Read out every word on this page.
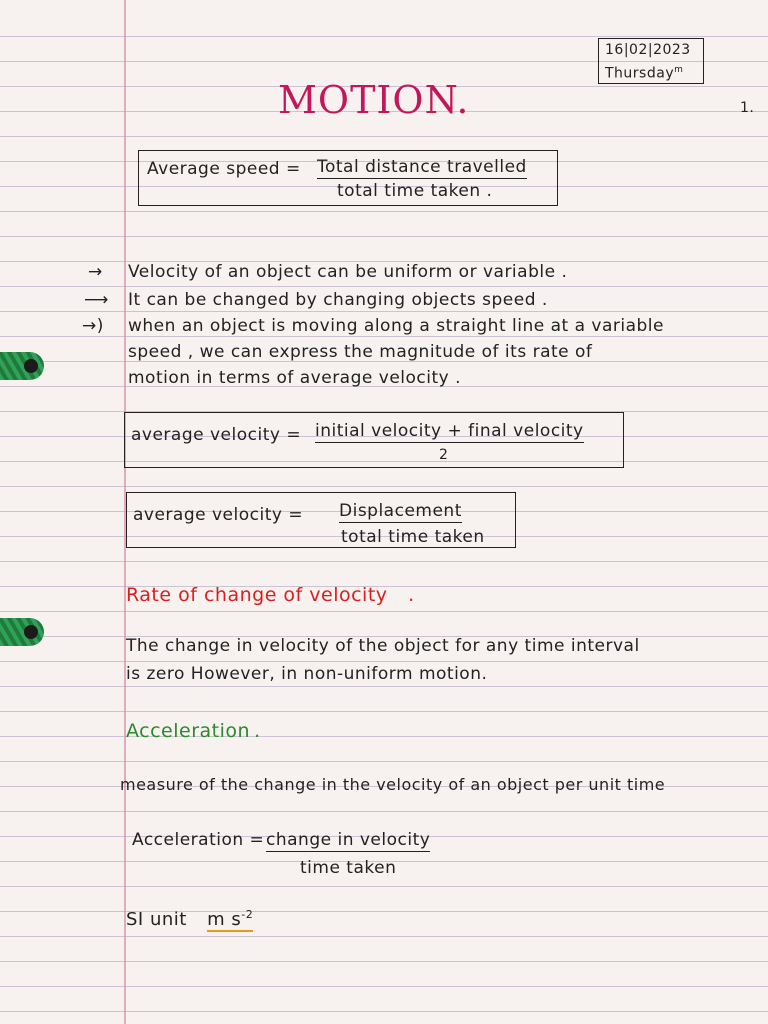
16|02|2023
Thursday$^m$
MOTION.	1.
Average speed = Total distance travelled
total time taken .
→ Velocity of an object can be uniform or variable .
⟶ It can be changed by changing objects speed .
→) when an object is moving along a straight line at a variable
speed , we can express the magnitude of its rate of
motion in terms of average velocity .
average velocity = initial velocity + final velocity
2
average velocity = Displacement
total time taken
Rate of change of velocity .
The change in velocity of the object for any time interval
is zero However, in non-uniform motion.
Acceleration .
measure of the change in the velocity of an object per unit time
Acceleration = change in velocity
time taken
SI unit m $s^{-2}$
